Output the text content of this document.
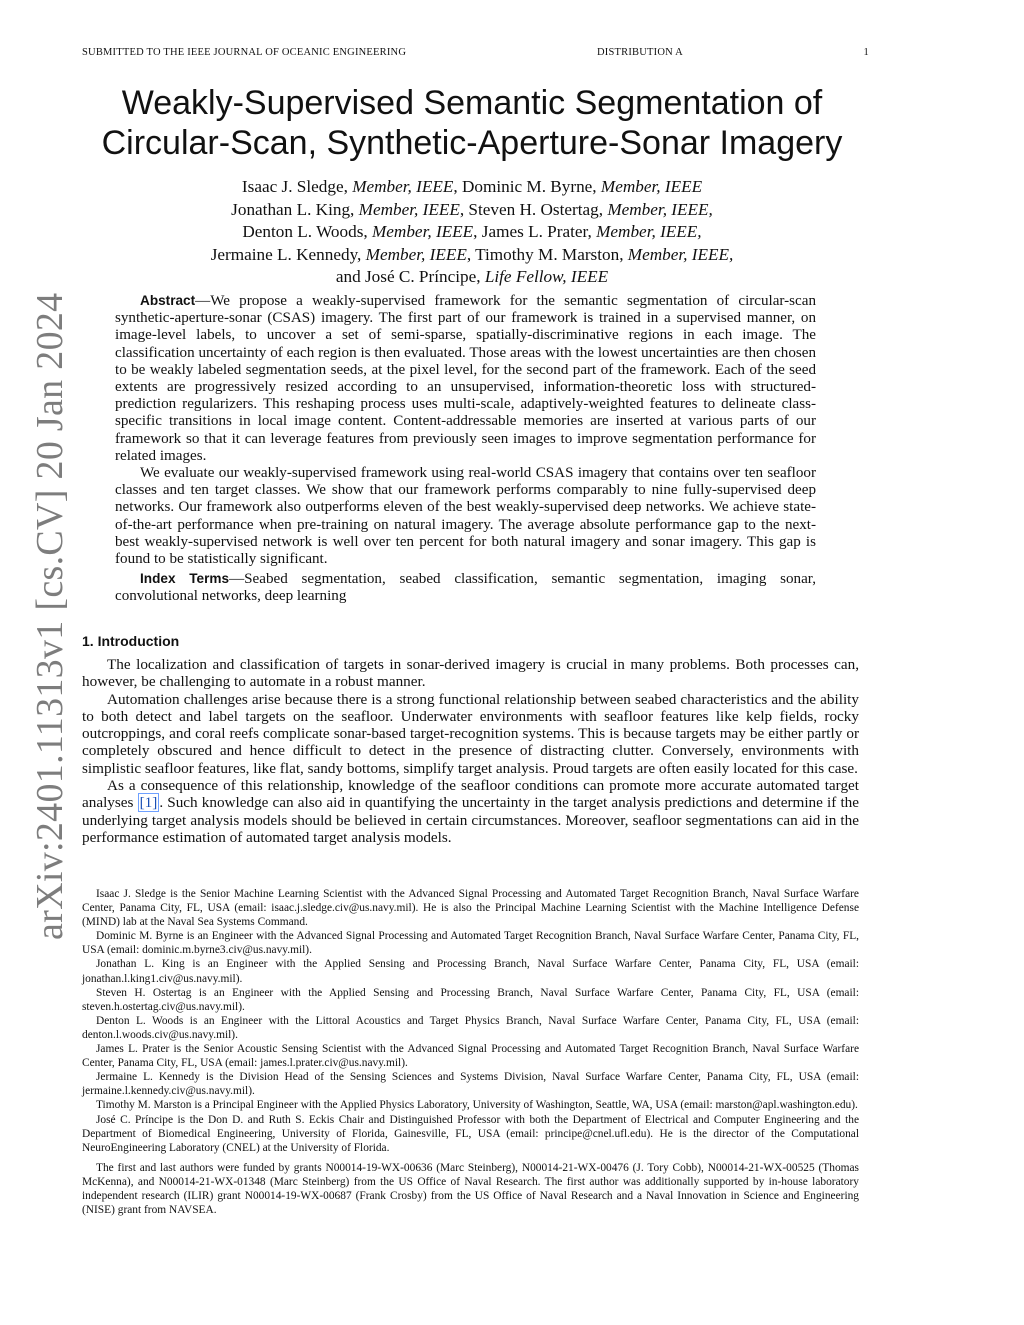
SUBMITTED TO THE IEEE JOURNAL OF OCEANIC ENGINEERING	DISTRIBUTION A	1
arXiv:2401.11313v1 [cs.CV] 20 Jan 2024
Weakly-Supervised Semantic Segmentation of
Circular-Scan, Synthetic-Aperture-Sonar Imagery
Isaac J. Sledge, Member, IEEE, Dominic M. Byrne, Member, IEEE
Jonathan L. King, Member, IEEE, Steven H. Ostertag, Member, IEEE,
Denton L. Woods, Member, IEEE, James L. Prater, Member, IEEE,
Jermaine L. Kennedy, Member, IEEE, Timothy M. Marston, Member, IEEE,
and José C. Príncipe, Life Fellow, IEEE

Abstract—We propose a weakly-supervised framework for the semantic segmentation of circular-scan synthetic-aperture-sonar (CSAS) imagery. The first part of our framework is trained in a supervised manner, on image-level labels, to uncover a set of semi-sparse, spatially-discriminative regions in each image. The classification uncertainty of each region is then evaluated. Those areas with the lowest uncertainties are then chosen to be weakly labeled segmentation seeds, at the pixel level, for the second part of the framework. Each of the seed extents are progressively resized according to an unsupervised, information-theoretic loss with structured-prediction regularizers. This reshaping process uses multi-scale, adaptively-weighted features to delineate class-specific transitions in local image content. Content-addressable memories are inserted at various parts of our framework so that it can leverage features from previously seen images to improve segmentation performance for related images.

We evaluate our weakly-supervised framework using real-world CSAS imagery that contains over ten seafloor classes and ten target classes. We show that our framework performs comparably to nine fully-supervised deep networks. Our framework also outperforms eleven of the best weakly-supervised deep networks. We achieve state-of-the-art performance when pre-training on natural imagery. The average absolute performance gap to the next-best weakly-supervised network is well over ten percent for both natural imagery and sonar imagery. This gap is found to be statistically significant.

Index Terms—Seabed segmentation, seabed classification, semantic segmentation, imaging sonar, convolutional networks, deep learning

1. Introduction

The localization and classification of targets in sonar-derived imagery is crucial in many problems. Both processes can, however, be challenging to automate in a robust manner.

Automation challenges arise because there is a strong functional relationship between seabed characteristics and the ability to both detect and label targets on the seafloor. Underwater environments with seafloor features like kelp fields, rocky outcroppings, and coral reefs complicate sonar-based target-recognition systems. This is because targets may be either partly or completely obscured and hence difficult to detect in the presence of distracting clutter. Conversely, environments with simplistic seafloor features, like flat, sandy bottoms, simplify target analysis. Proud targets are often easily located for this case.

As a consequence of this relationship, knowledge of the seafloor conditions can promote more accurate automated target analyses [1] . Such knowledge can also aid in quantifying the uncertainty in the target analysis predictions and determine if the underlying target analysis models should be believed in certain circumstances. Moreover, seafloor segmentations can aid in the performance estimation of automated target analysis models.

Isaac J. Sledge is the Senior Machine Learning Scientist with the Advanced Signal Processing and Automated Target Recognition Branch, Naval Surface Warfare Center, Panama City, FL, USA (email: isaac.j.sledge.civ@us.navy.mil). He is also the Principal Machine Learning Scientist with the Machine Intelligence Defense (MIND) lab at the Naval Sea Systems Command.

Dominic M. Byrne is an Engineer with the Advanced Signal Processing and Automated Target Recognition Branch, Naval Surface Warfare Center, Panama City, FL, USA (email: dominic.m.byrne3.civ@us.navy.mil).

Jonathan L. King is an Engineer with the Applied Sensing and Processing Branch, Naval Surface Warfare Center, Panama City, FL, USA (email: jonathan.l.king1.civ@us.navy.mil).

Steven H. Ostertag is an Engineer with the Applied Sensing and Processing Branch, Naval Surface Warfare Center, Panama City, FL, USA (email: steven.h.ostertag.civ@us.navy.mil).

Denton L. Woods is an Engineer with the Littoral Acoustics and Target Physics Branch, Naval Surface Warfare Center, Panama City, FL, USA (email: denton.l.woods.civ@us.navy.mil).

James L. Prater is the Senior Acoustic Sensing Scientist with the Advanced Signal Processing and Automated Target Recognition Branch, Naval Surface Warfare Center, Panama City, FL, USA (email: james.l.prater.civ@us.navy.mil).

Jermaine L. Kennedy is the Division Head of the Sensing Sciences and Systems Division, Naval Surface Warfare Center, Panama City, FL, USA (email: jermaine.l.kennedy.civ@us.navy.mil).

Timothy M. Marston is a Principal Engineer with the Applied Physics Laboratory, University of Washington, Seattle, WA, USA (email: marston@apl.washington.edu).

José C. Príncipe is the Don D. and Ruth S. Eckis Chair and Distinguished Professor with both the Department of Electrical and Computer Engineering and the Department of Biomedical Engineering, University of Florida, Gainesville, FL, USA (email: principe@cnel.ufl.edu). He is the director of the Computational NeuroEngineering Laboratory (CNEL) at the University of Florida.

The first and last authors were funded by grants N00014-19-WX-00636 (Marc Steinberg), N00014-21-WX-00476 (J. Tory Cobb), N00014-21-WX-00525 (Thomas McKenna), and N00014-21-WX-01348 (Marc Steinberg) from the US Office of Naval Research. The first author was additionally supported by in-house laboratory independent research (ILIR) grant N00014-19-WX-00687 (Frank Crosby) from the US Office of Naval Research and a Naval Innovation in Science and Engineering (NISE) grant from NAVSEA.
